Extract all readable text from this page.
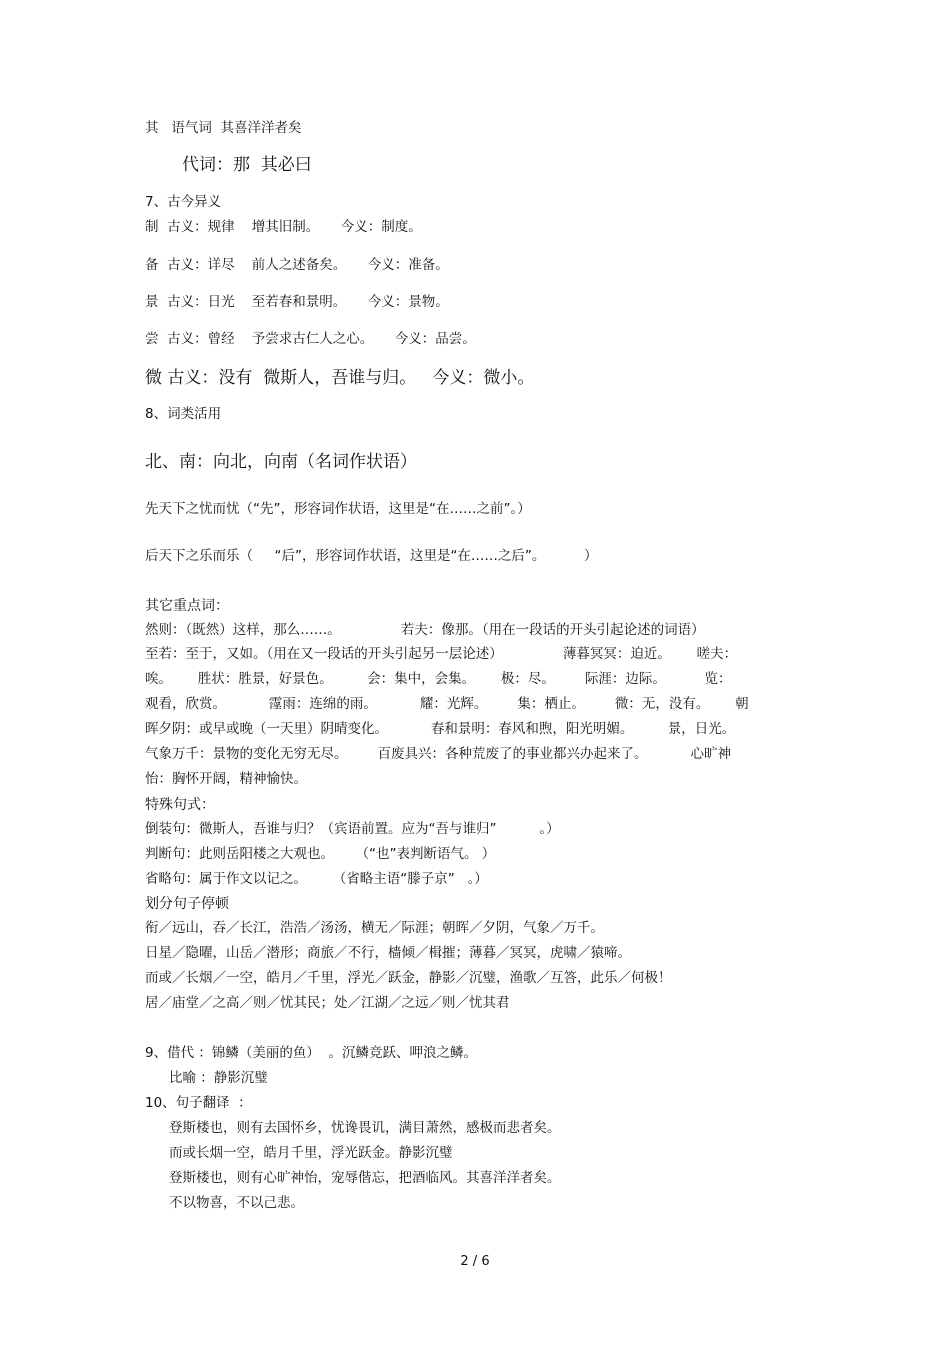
其   语气词  其喜洋洋者矣
代词：那  其必曰
7、古今异义
制  古义：规律    增其旧制。     今义：制度。
备  古义：详尽    前人之述备矣。     今义：准备。
景  古义：日光    至若春和景明。     今义：景物。
尝  古义：曾经    予尝求古仁人之心。     今义：品尝。
微 古义：没有  微斯人，吾谁与归。   今义：微小。
8、词类活用
北、南：向北，向南（名词作状语）
先天下之忧而忧（“先”，形容词作状语，这里是“在……之前”。）
后天下之乐而乐（     “后”，形容词作状语，这里是“在……之后”。         ）
其它重点词：
然则：（既然）这样，那么……。              若夫：像那。（用在一段话的开头引起论述的词语）
至若：至于，又如。（用在又一段话的开头引起另一层论述）              薄暮冥冥：迫近。      嗟夫：
唉。      胜状：胜景，好景色。        会：集中，会集。      极：尽。       际涯：边际。         览：
观看，欣赏。          霪雨：连绵的雨。          耀：光辉。       集：栖止。       微：无，没有。      朝
晖夕阴：或早或晚（一天里）阴晴变化。          春和景明：春风和煦，阳光明媚。        景，日光。
气象万千：景物的变化无穷无尽。       百废具兴：各种荒废了的事业都兴办起来了。          心旷神
怡：胸怀开阔，精神愉快。
特殊句式：
倒装句：微斯人，吾谁与归？（宾语前置。应为“吾与谁归”          。）
判断句：此则岳阳楼之大观也。     （“也”表判断语气。 ）
省略句：属于作文以记之。      （省略主语“滕子京”   。）
划分句子停顿
衔／远山，吞／长江，浩浩／汤汤，横无／际涯；朝晖／夕阴，气象／万千。
日星／隐曜，山岳／潜形；商旅／不行，樯倾／楫摧；薄暮／冥冥，虎啸／猿啼。
而或／长烟／一空，皓月／千里，浮光／跃金，静影／沉璧，渔歌／互答，此乐／何极！
居／庙堂／之高／则／忧其民；处／江湖／之远／则／忧其君
9、借代 ：锦鳞（美丽的鱼）  。沉鳞竞跃、呷浪之鳞。
比喻 ：静影沉璧
10、句子翻译  ：
登斯楼也，则有去国怀乡，忧谗畏讥，满目萧然，感极而悲者矣。
而或长烟一空，皓月千里，浮光跃金。静影沉璧
登斯楼也，则有心旷神怡，宠辱偕忘，把酒临风。其喜洋洋者矣。
不以物喜，不以己悲。
2 / 6
